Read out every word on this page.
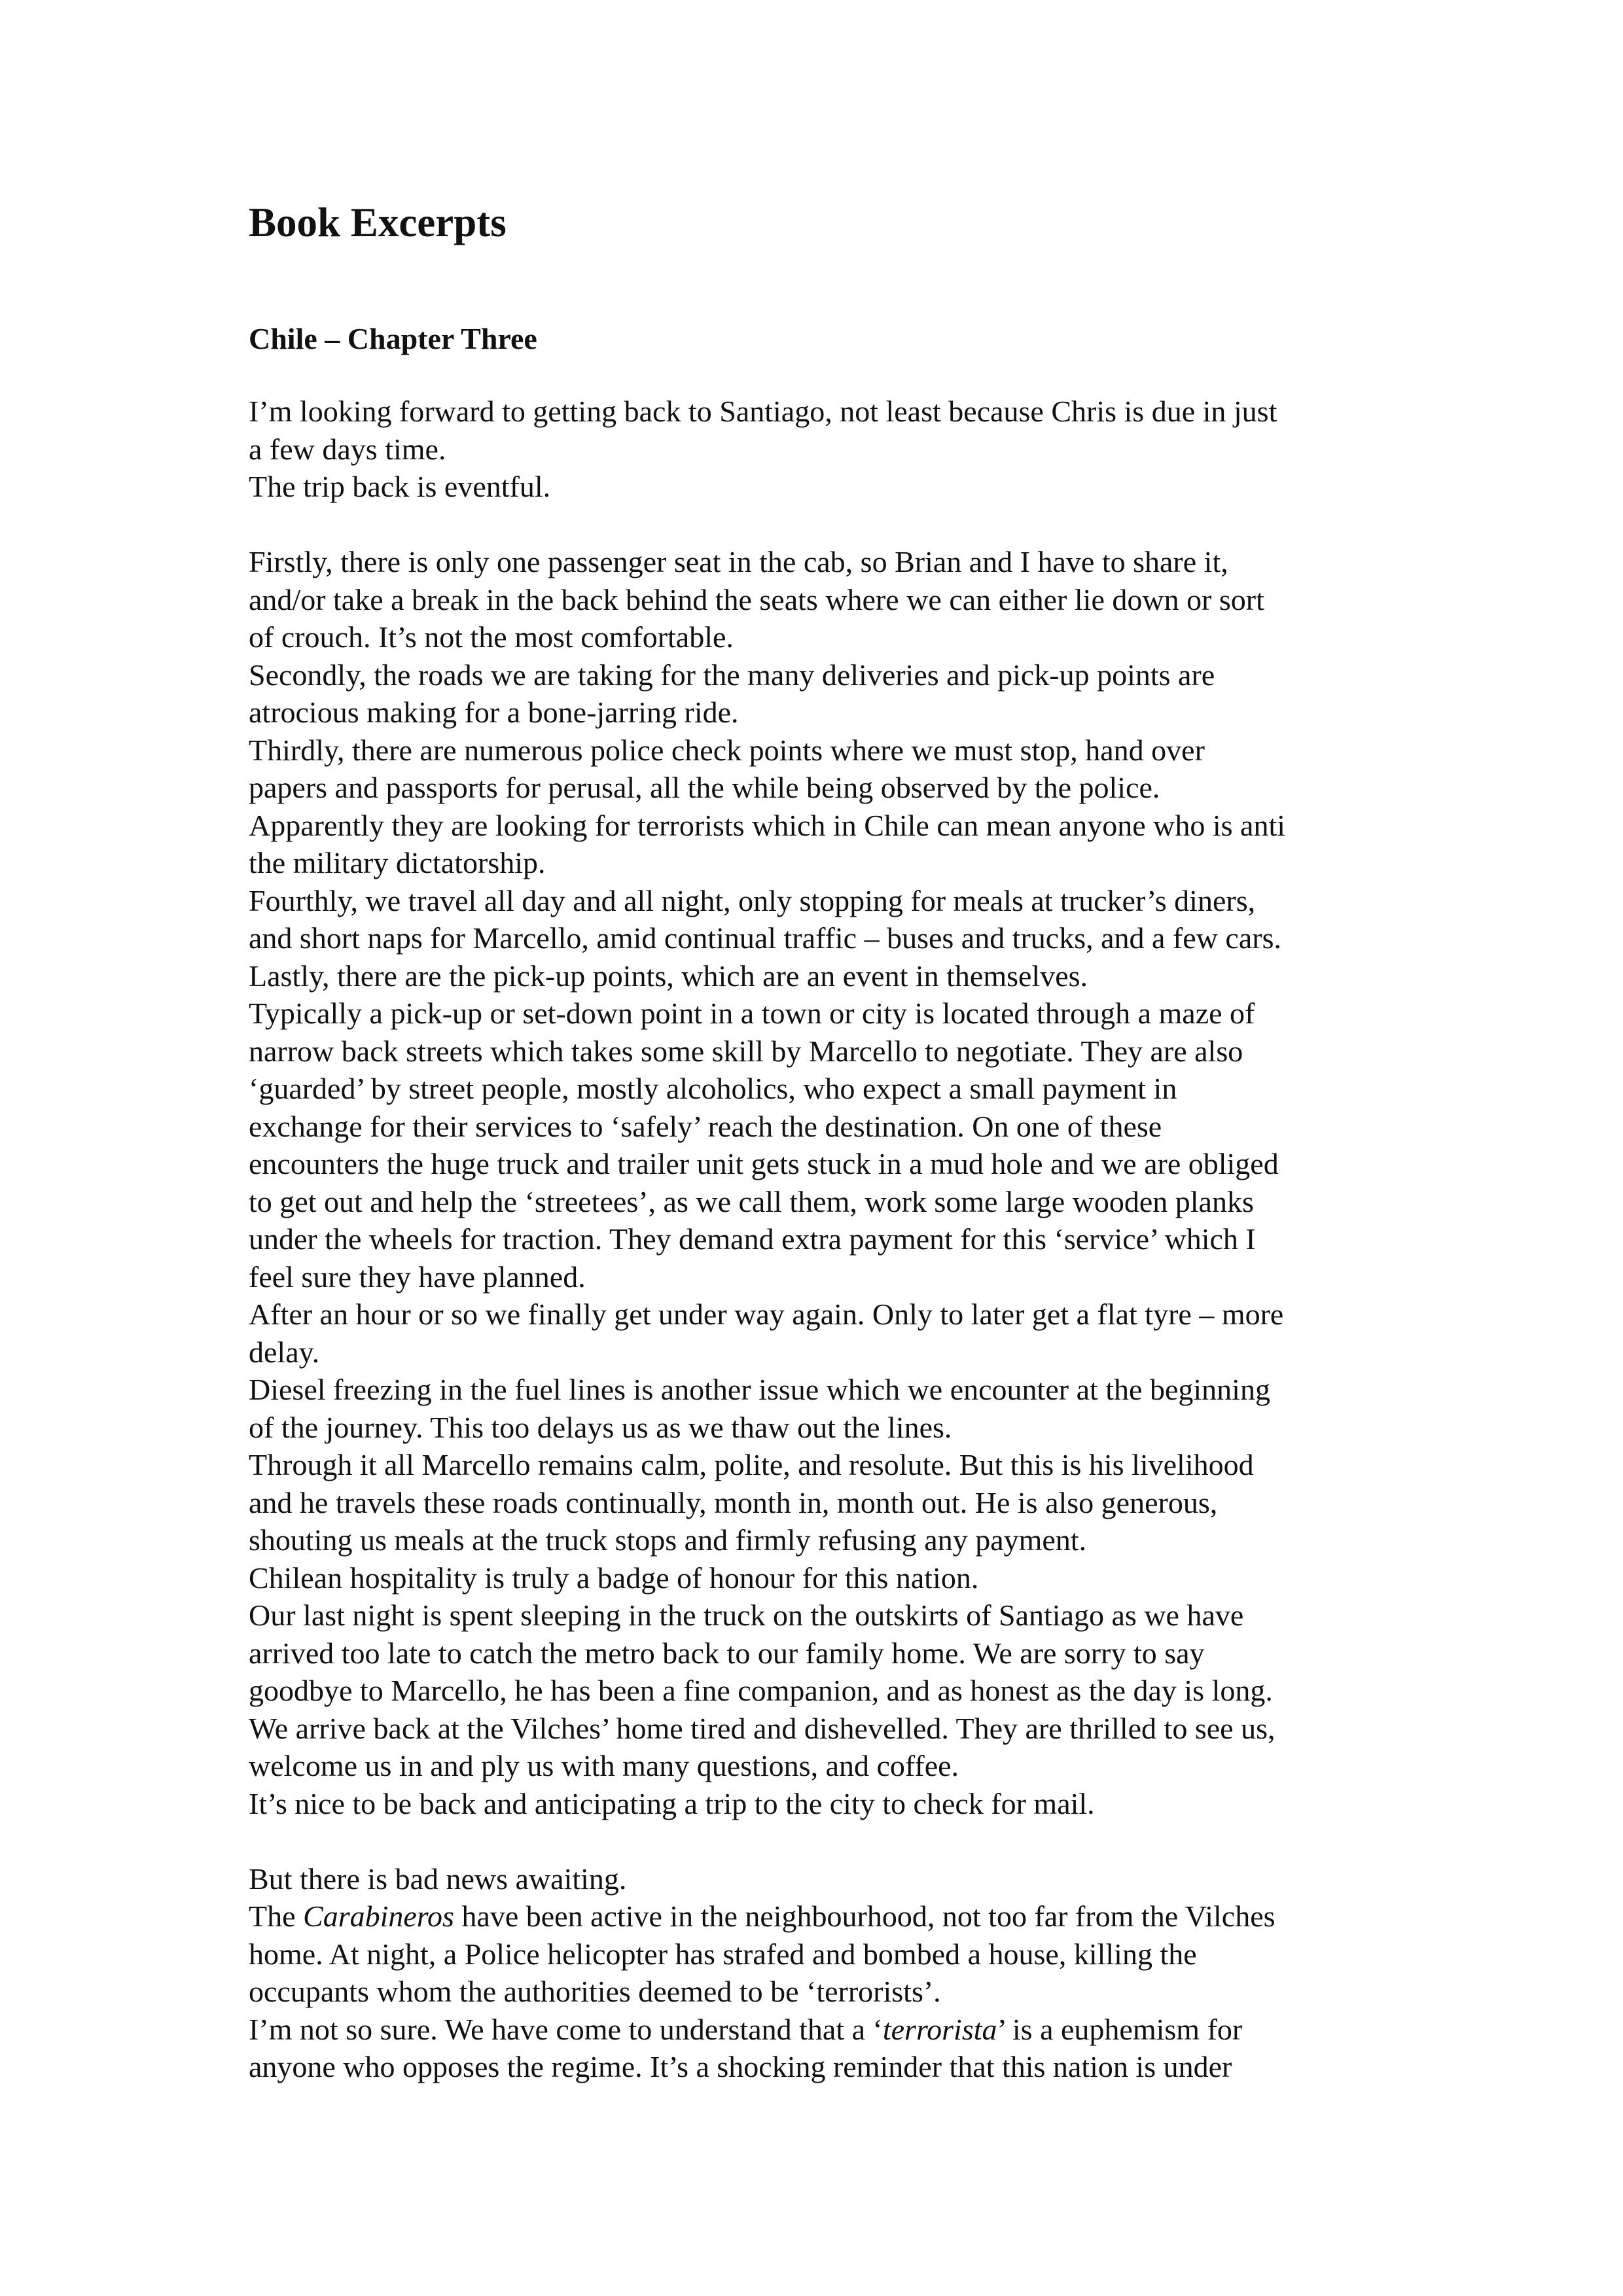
Book Excerpts
Chile – Chapter Three
I’m looking forward to getting back to Santiago, not least because Chris is due in just
a few days time.
The trip back is eventful.
Firstly, there is only one passenger seat in the cab, so Brian and I have to share it,
and/or take a break in the back behind the seats where we can either lie down or sort
of crouch. It’s not the most comfortable.
Secondly, the roads we are taking for the many deliveries and pick-up points are
atrocious making for a bone-jarring ride.
Thirdly, there are numerous police check points where we must stop, hand over
papers and passports for perusal, all the while being observed by the police.
Apparently they are looking for terrorists which in Chile can mean anyone who is anti
the military dictatorship.
Fourthly, we travel all day and all night, only stopping for meals at trucker’s diners,
and short naps for Marcello, amid continual traffic – buses and trucks, and a few cars.
Lastly, there are the pick-up points, which are an event in themselves.
Typically a pick-up or set-down point in a town or city is located through a maze of
narrow back streets which takes some skill by Marcello to negotiate. They are also
‘guarded’ by street people, mostly alcoholics, who expect a small payment in
exchange for their services to ‘safely’ reach the destination. On one of these
encounters the huge truck and trailer unit gets stuck in a mud hole and we are obliged
to get out and help the ‘streetees’, as we call them, work some large wooden planks
under the wheels for traction. They demand extra payment for this ‘service’ which I
feel sure they have planned.
After an hour or so we finally get under way again. Only to later get a flat tyre – more
delay.
Diesel freezing in the fuel lines is another issue which we encounter at the beginning
of the journey. This too delays us as we thaw out the lines.
Through it all Marcello remains calm, polite, and resolute. But this is his livelihood
and he travels these roads continually, month in, month out. He is also generous,
shouting us meals at the truck stops and firmly refusing any payment.
Chilean hospitality is truly a badge of honour for this nation.
Our last night is spent sleeping in the truck on the outskirts of Santiago as we have
arrived too late to catch the metro back to our family home. We are sorry to say
goodbye to Marcello, he has been a fine companion, and as honest as the day is long.
We arrive back at the Vilches’ home tired and dishevelled. They are thrilled to see us,
welcome us in and ply us with many questions, and coffee.
It’s nice to be back and anticipating a trip to the city to check for mail.
But there is bad news awaiting.
The Carabineros have been active in the neighbourhood, not too far from the Vilches
home. At night, a Police helicopter has strafed and bombed a house, killing the
occupants whom the authorities deemed to be ‘terrorists’.
I’m not so sure. We have come to understand that a ‘terrorista’ is a euphemism for
anyone who opposes the regime. It’s a shocking reminder that this nation is under
